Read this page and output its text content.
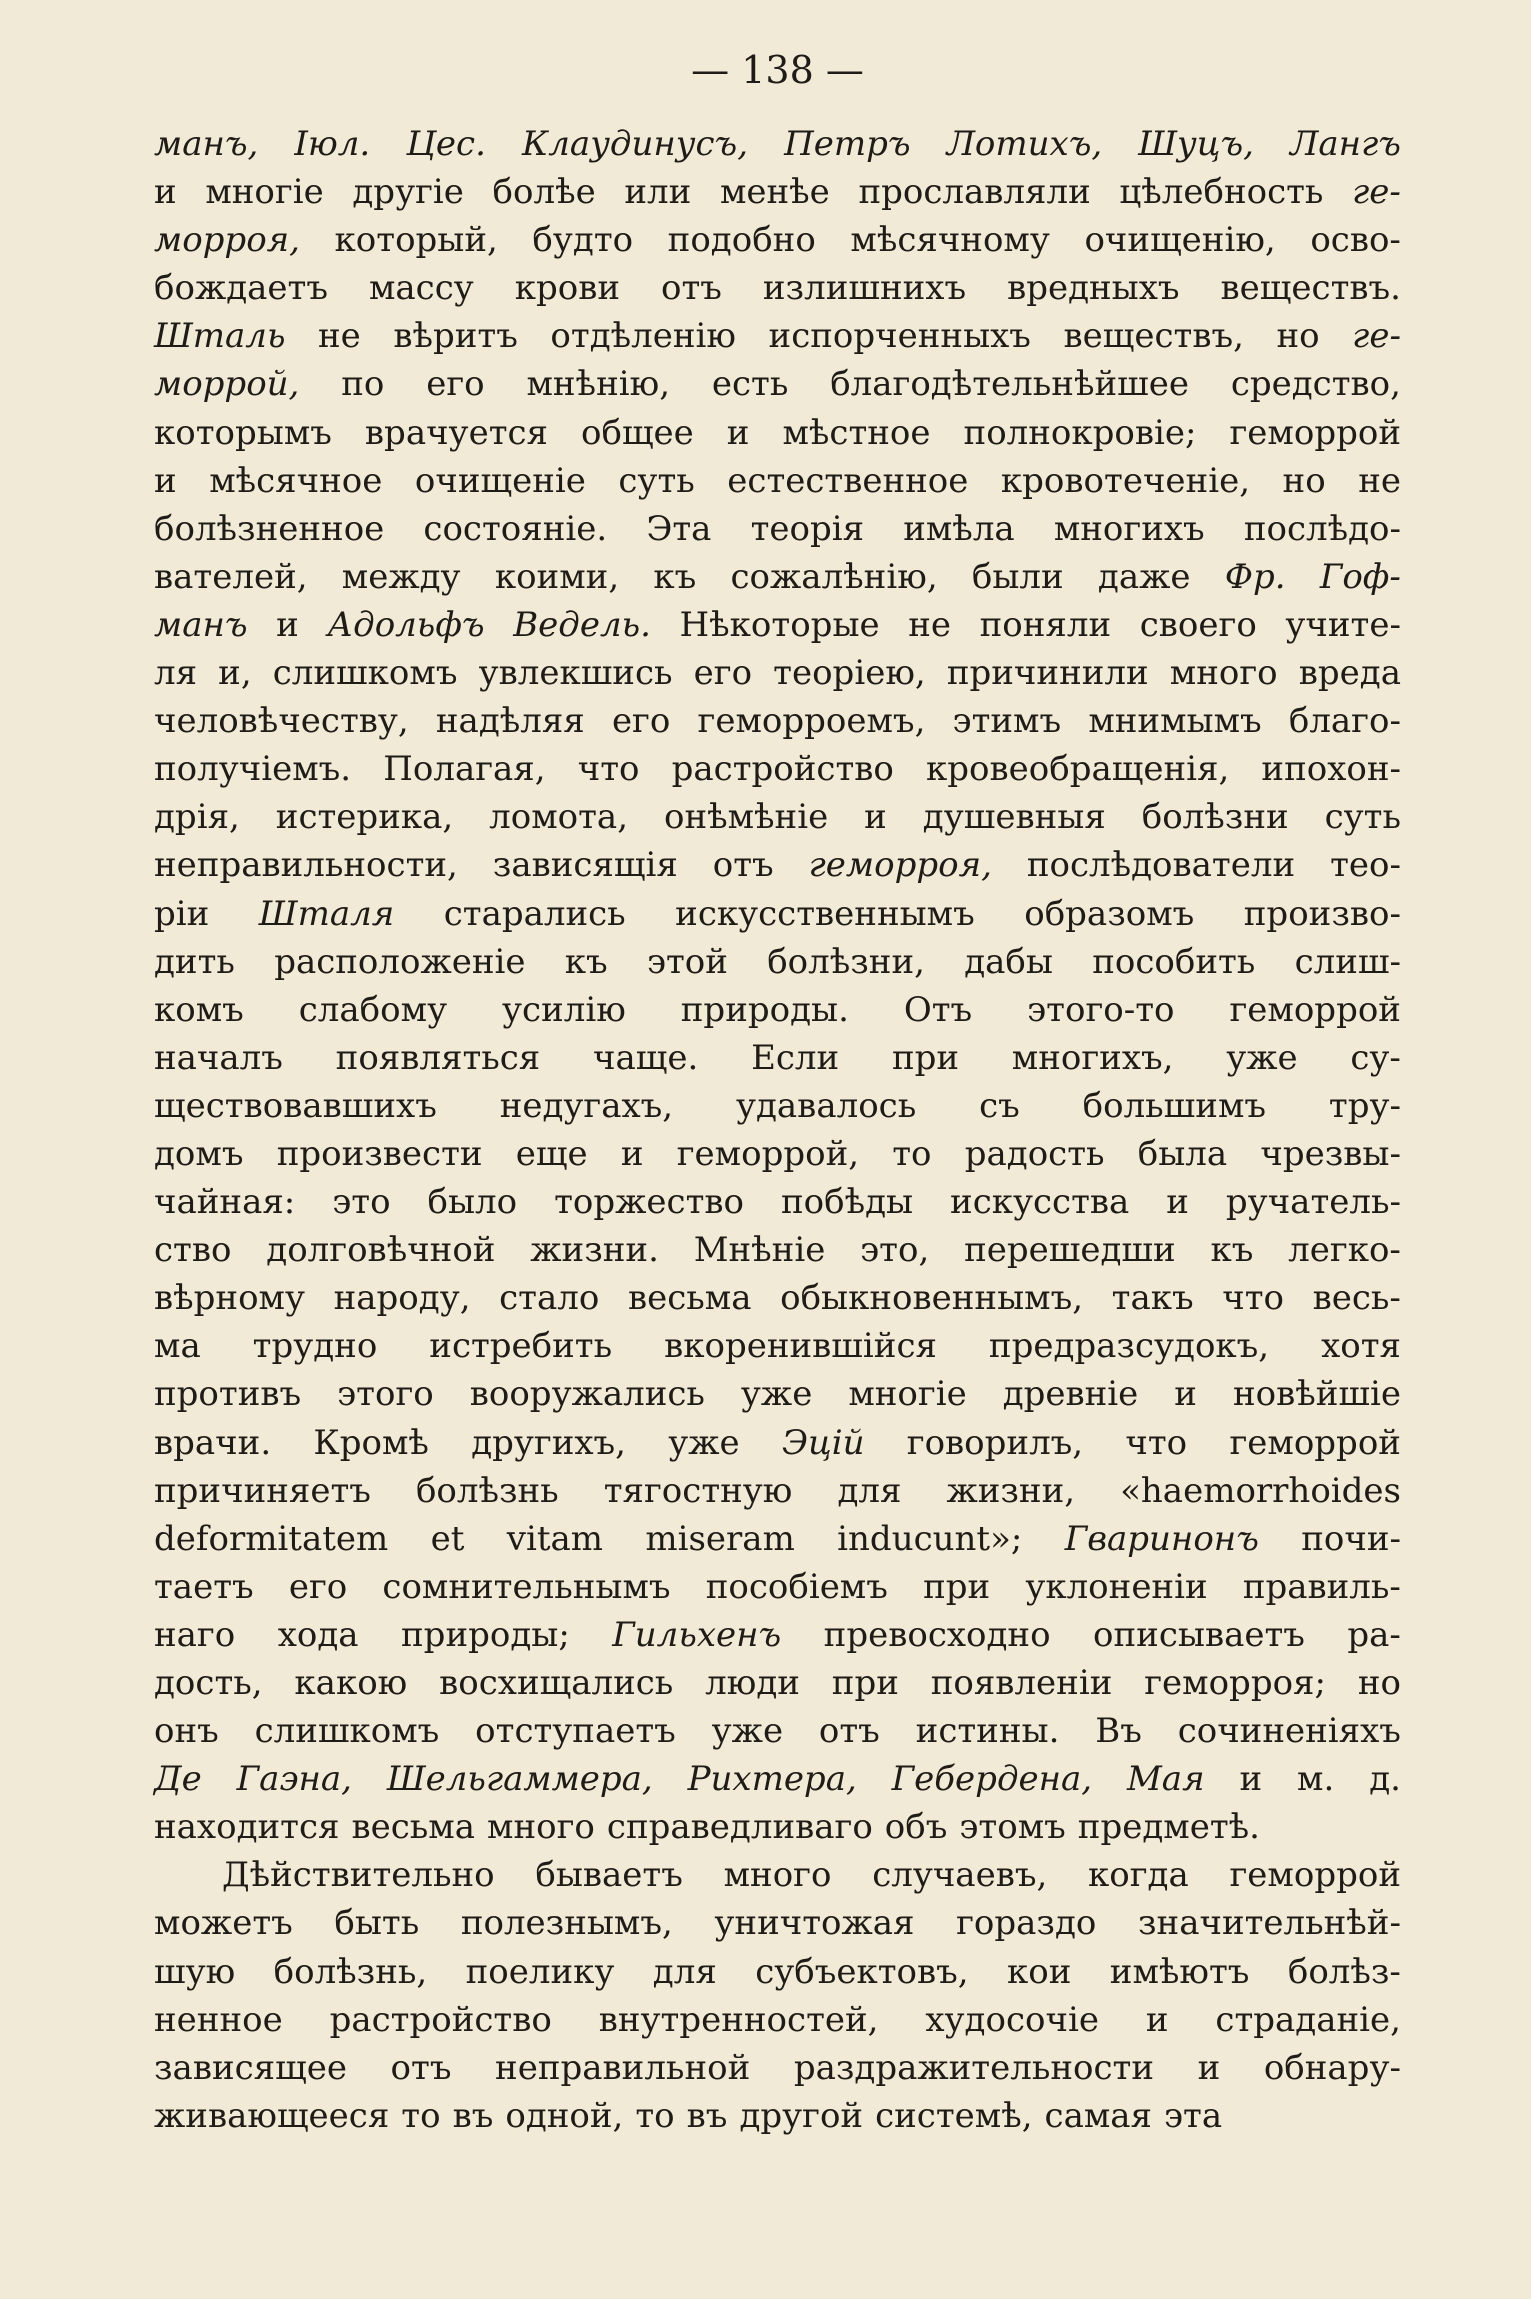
— 138 —
манъ, Іюл. Цес. Клаудинусъ, Петръ Лотихъ, Шуцъ, Лангъ
и многіе другіе болѣе или менѣе прославляли цѣлебность ге-
морроя, который, будто подобно мѣсячному очищенію, осво-
бождаетъ массу крови отъ излишнихъ вредныхъ веществъ.
Шталь не вѣритъ отдѣленію испорченныхъ веществъ, но ге-
моррой, по его мнѣнію, есть благодѣтельнѣйшее средство,
которымъ врачуется общее и мѣстное полнокровіе; геморрой
и мѣсячное очищеніе суть естественное кровотеченіе, но не
болѣзненное состояніе. Эта теорія имѣла многихъ послѣдо-
вателей, между коими, къ сожалѣнію, были даже Фр. Гоф-
манъ и Адольфъ Ведель. Нѣкоторые не поняли своего учите-
ля и, слишкомъ увлекшись его теоріею, причинили много вреда
человѣчеству, надѣляя его геморроемъ, этимъ мнимымъ благо-
получіемъ. Полагая, что растройство кровеобращенія, ипохон-
дрія, истерика, ломота, онѣмѣніе и душевныя болѣзни суть
неправильности, зависящія отъ геморроя, послѣдователи тео-
ріи Шталя старались искусственнымъ образомъ произво-
дить расположеніе къ этой болѣзни, дабы пособить слиш-
комъ слабому усилію природы. Отъ этого-то геморрой
началъ появляться чаще. Если при многихъ, уже су-
ществовавшихъ недугахъ, удавалось съ большимъ тру-
домъ произвести еще и геморрой, то радость была чрезвы-
чайная: это было торжество побѣды искусства и ручатель-
ство долговѣчной жизни. Мнѣніе это, перешедши къ легко-
вѣрному народу, стало весьма обыкновеннымъ, такъ что весь-
ма трудно истребить вкоренившійся предразсудокъ, хотя
противъ этого вооружались уже многіе древніе и новѣйшіе
врачи. Кромѣ другихъ, уже Эцій говорилъ, что геморрой
причиняетъ болѣзнь тягостную для жизни, «haemorrhoides
deformitatem et vitam miseram inducunt»; Гваринонъ почи-
таетъ его сомнительнымъ пособіемъ при уклоненіи правиль-
наго хода природы; Гильхенъ превосходно описываетъ ра-
дость, какою восхищались люди при появленіи геморроя; но
онъ слишкомъ отступаетъ уже отъ истины. Въ сочиненіяхъ
Де Гаэна, Шельгаммера, Рихтера, Гебердена, Мая и м. д.
находится весьма много справедливаго объ этомъ предметѣ.
Дѣйствительно бываетъ много случаевъ, когда геморрой
можетъ быть полезнымъ, уничтожая гораздо значительнѣй-
шую болѣзнь, поелику для субъектовъ, кои имѣютъ болѣз-
ненное растройство внутренностей, худосочіе и страданіе,
зависящее отъ неправильной раздражительности и обнару-
живающееся то въ одной, то въ другой системѣ, самая эта
